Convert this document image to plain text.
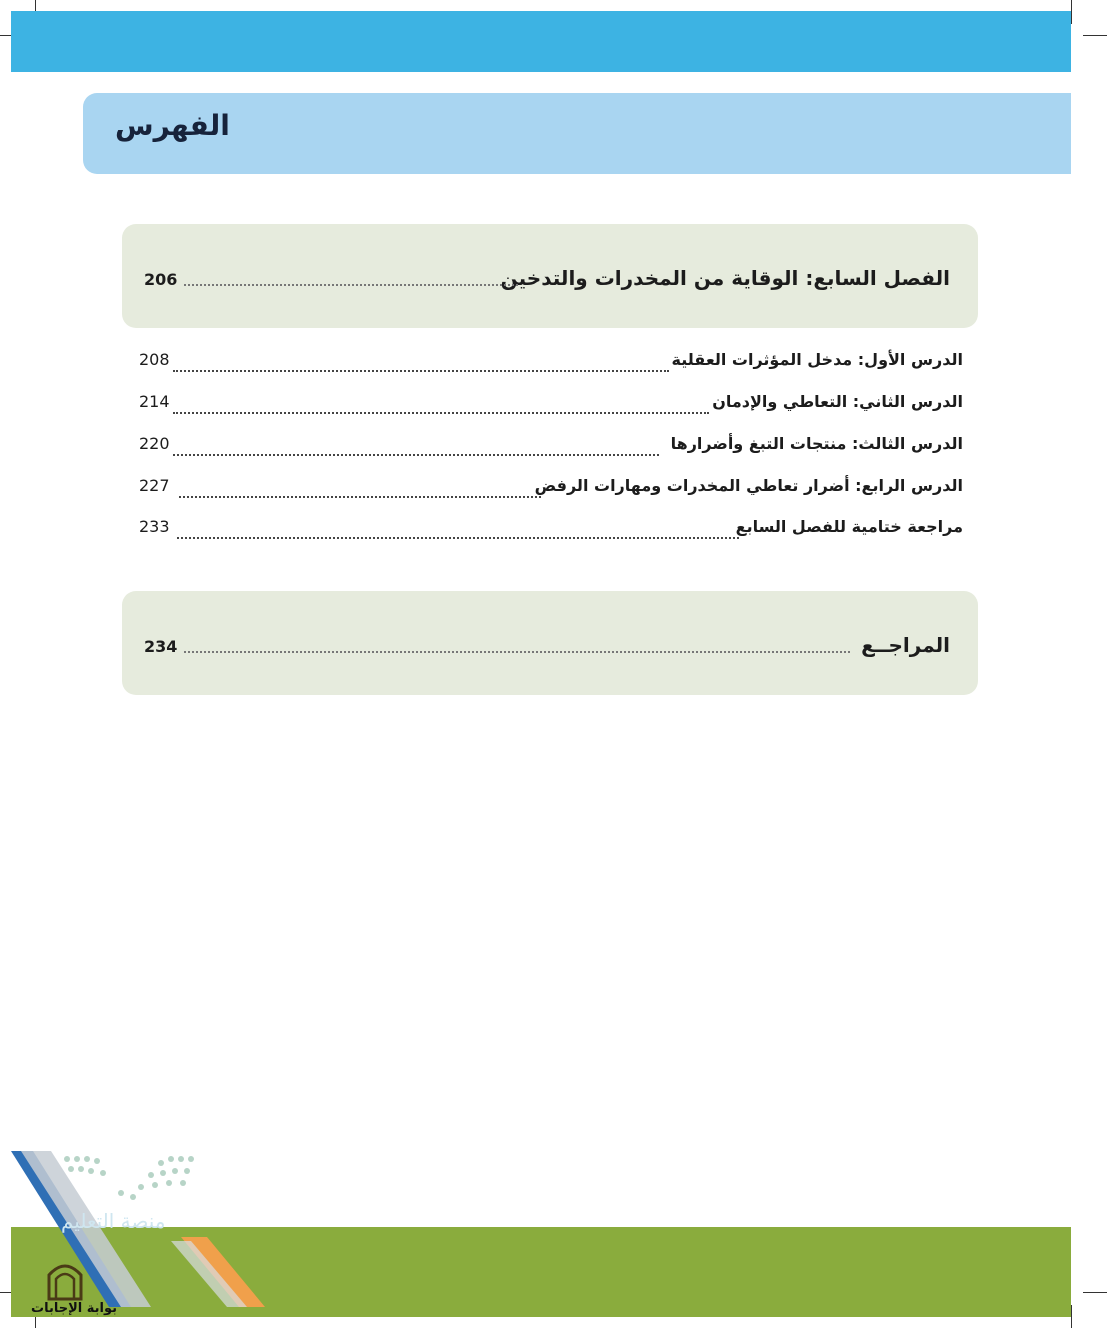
الفهرس
الفصل السابع: الوقاية من المخدرات والتدخين
206
الدرس الأول: مدخل المؤثرات العقلية
208
الدرس الثاني: التعاطي والإدمان
214
الدرس الثالث: منتجات التبغ وأضرارها
220
الدرس الرابع: أضرار تعاطي المخدرات ومهارات الرفض
227
مراجعة ختامية للفصل السابع
233
المراجــع
234
منصة التعليم
بوابة الإجابات
